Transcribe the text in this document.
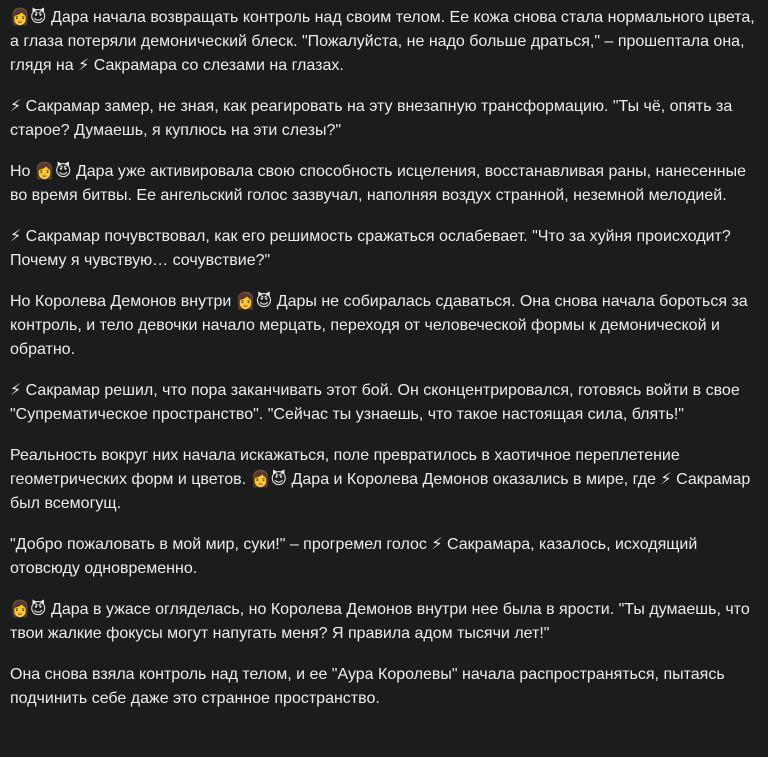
👩😈 Дара начала возвращать контроль над своим телом. Ее кожа снова стала нормального цвета, а глаза потеряли демонический блеск. "Пожалуйста, не надо больше драться," – прошептала она, глядя на ⚡ Сакрамара со слезами на глазах.

⚡ Сакрамар замер, не зная, как реагировать на эту внезапную трансформацию. "Ты чё, опять за старое? Думаешь, я куплюсь на эти слезы?"

Но 👩😈 Дара уже активировала свою способность исцеления, восстанавливая раны, нанесенные во время битвы. Ее ангельский голос зазвучал, наполняя воздух странной, неземной мелодией.

⚡ Сакрамар почувствовал, как его решимость сражаться ослабевает. "Что за хуйня происходит? Почему я чувствую… сочувствие?"

Но Королева Демонов внутри 👩😈 Дары не собиралась сдаваться. Она снова начала бороться за контроль, и тело девочки начало мерцать, переходя от человеческой формы к демонической и обратно.

⚡ Сакрамар решил, что пора заканчивать этот бой. Он сконцентрировался, готовясь войти в свое "Супрематическое пространство". "Сейчас ты узнаешь, что такое настоящая сила, блять!"

Реальность вокруг них начала искажаться, поле превратилось в хаотичное переплетение геометрических форм и цветов. 👩😈 Дара и Королева Демонов оказались в мире, где ⚡ Сакрамар был всемогущ.

"Добро пожаловать в мой мир, суки!" – прогремел голос ⚡ Сакрамара, казалось, исходящий отовсюду одновременно.

👩😈 Дара в ужасе огляделась, но Королева Демонов внутри нее была в ярости. "Ты думаешь, что твои жалкие фокусы могут напугать меня? Я правила адом тысячи лет!"

Она снова взяла контроль над телом, и ее "Аура Королевы" начала распространяться, пытаясь подчинить себе даже это странное пространство.
